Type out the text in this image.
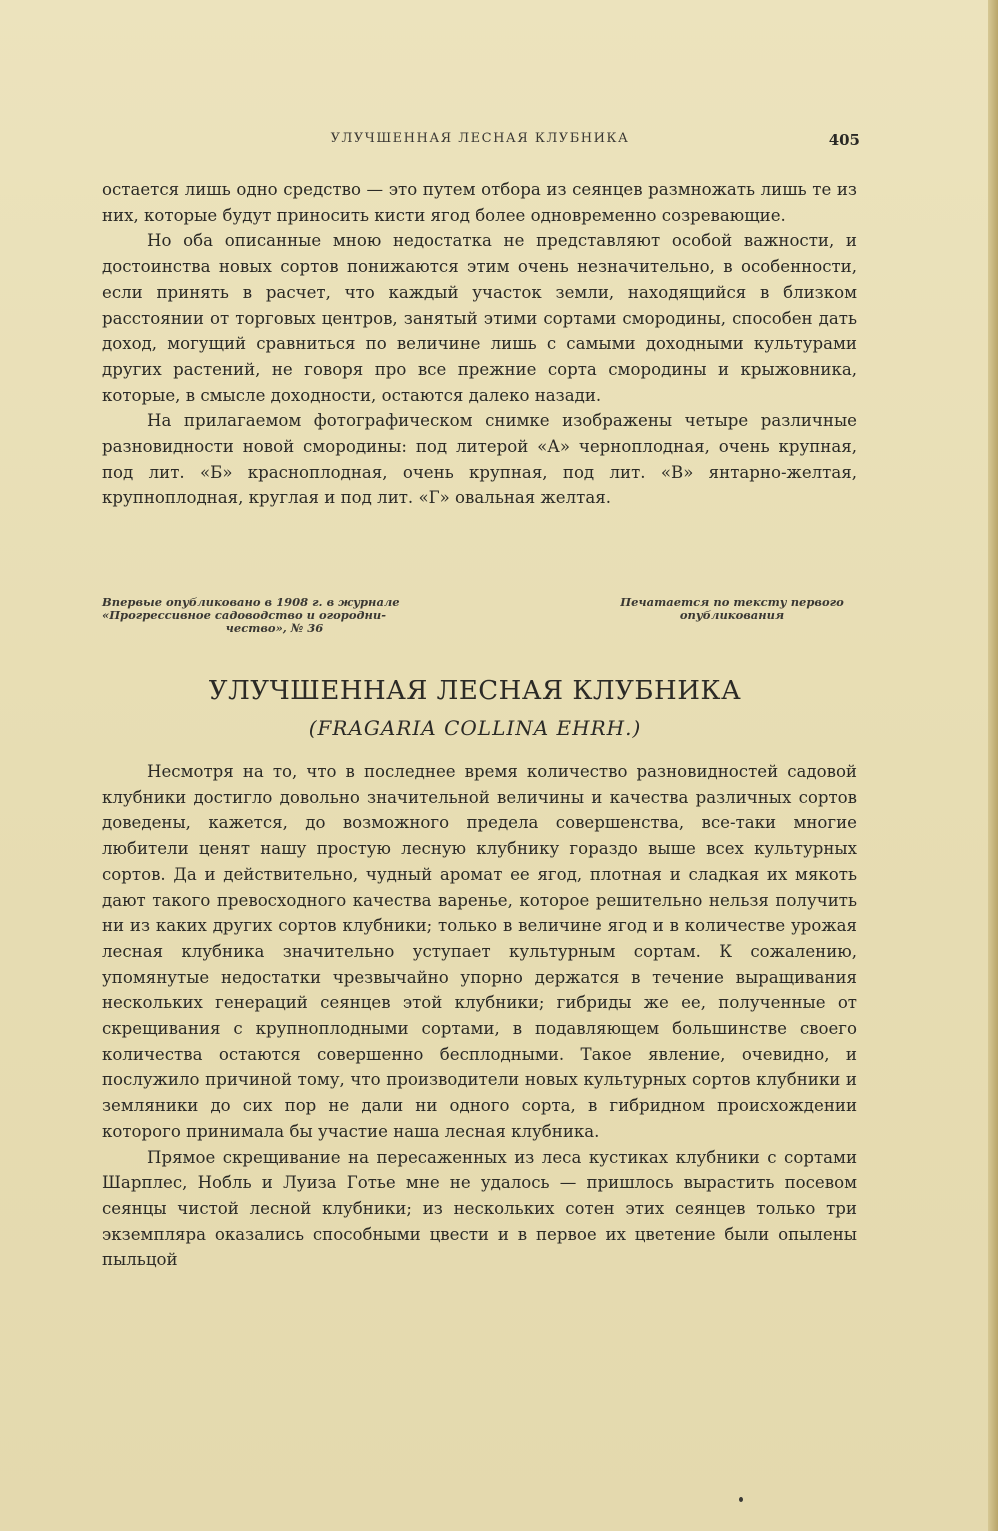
УЛУЧШЕННАЯ ЛЕСНАЯ КЛУБНИКА	405

остается лишь одно средство — это путем отбора из сеянцев размножать лишь те из них, которые будут приносить кисти ягод более одновременно созревающие.

Но оба описанные мною недостатка не представляют особой важности, и достоинства новых сортов понижаются этим очень незначительно, в особенности, если принять в расчет, что каждый участок земли, находящийся в близком расстоянии от торговых центров, занятый этими сортами смородины, способен дать доход, могущий сравниться по величине лишь с самыми доходными культурами других растений, не говоря про все прежние сорта смородины и крыжовника, которые, в смысле доходности, остаются далеко назади.

На прилагаемом фотографическом снимке изображены четыре различные разновидности новой смородины: под литерой «А» черноплодная, очень крупная, под лит. «Б» красноплодная, очень крупная, под лит. «В» янтарно-желтая, крупноплодная, круглая и под лит. «Г» овальная желтая.

Впервые опубликовано в 1908 г. в журнале «Прогрессивное садоводство и огородни-
чество», № 36
Печатается по тексту первого опубликования
УЛУЧШЕННАЯ ЛЕСНАЯ КЛУБНИКА
(FRAGARIA COLLINA EHRH.)

Несмотря на то, что в последнее время количество разновидностей садовой клубники достигло довольно значительной величины и качества различных сортов доведены, кажется, до возможного предела совершенства, все-таки многие любители ценят нашу простую лесную клубнику гораздо выше всех культурных сортов. Да и действительно, чудный аромат ее ягод, плотная и сладкая их мякоть дают такого превосходного качества варенье, которое решительно нельзя получить ни из каких других сортов клубники; только в величине ягод и в количестве урожая лесная клубника значительно уступает культурным сортам. К сожалению, упомянутые недостатки чрезвычайно упорно держатся в течение выращивания нескольких генераций сеянцев этой клубники; гибриды же ее, полученные от скрещивания с крупноплодными сортами, в подавляющем большинстве своего количества остаются совершенно бесплодными. Такое явление, очевидно, и послужило причиной тому, что производители новых культурных сортов клубники и земляники до сих пор не дали ни одного сорта, в гибридном происхождении которого принимала бы участие наша лесная клубника.

Прямое скрещивание на пересаженных из леса кустиках клубники с сортами Шарплес, Нобль и Луиза Готье мне не удалось — пришлось вырастить посевом сеянцы чистой лесной клубники; из нескольких сотен этих сеянцев только три экземпляра оказались способными цвести и в первое их цветение были опылены пыльцой
